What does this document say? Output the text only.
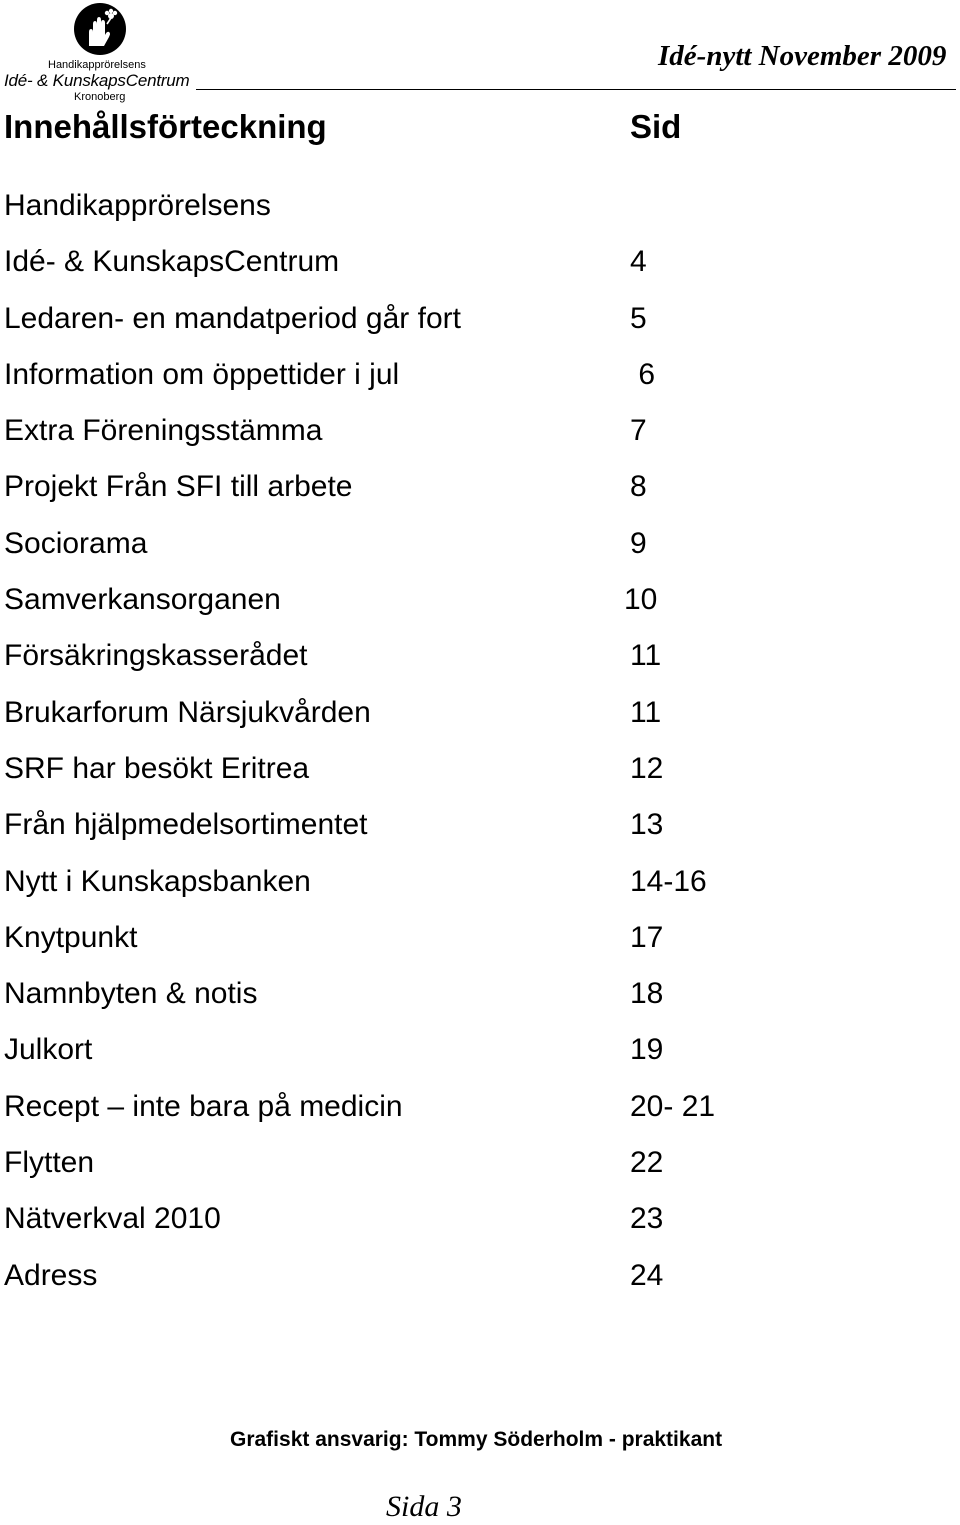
Handikapprörelsens
Idé- & KunskapsCentrum
Kronoberg
Idé-nytt November 2009
Innehållsförteckning	Sid
Handikapprörelsens
Idé- & KunskapsCentrum	4
Ledaren- en mandatperiod går fort	5
Information om öppettider i jul	6
Extra Föreningsstämma	7
Projekt Från SFI till arbete	8
Sociorama	9
Samverkansorganen	10
Försäkringskasserådet	11
Brukarforum Närsjukvården	11
SRF har besökt Eritrea	12
Från hjälpmedelsortimentet	13
Nytt i Kunskapsbanken	14-16
Knytpunkt	17
Namnbyten & notis	18
Julkort	19
Recept – inte bara på medicin	20- 21
Flytten	22
Nätverkval 2010	23
Adress	24
Grafiskt ansvarig: Tommy Söderholm - praktikant
Sida 3
